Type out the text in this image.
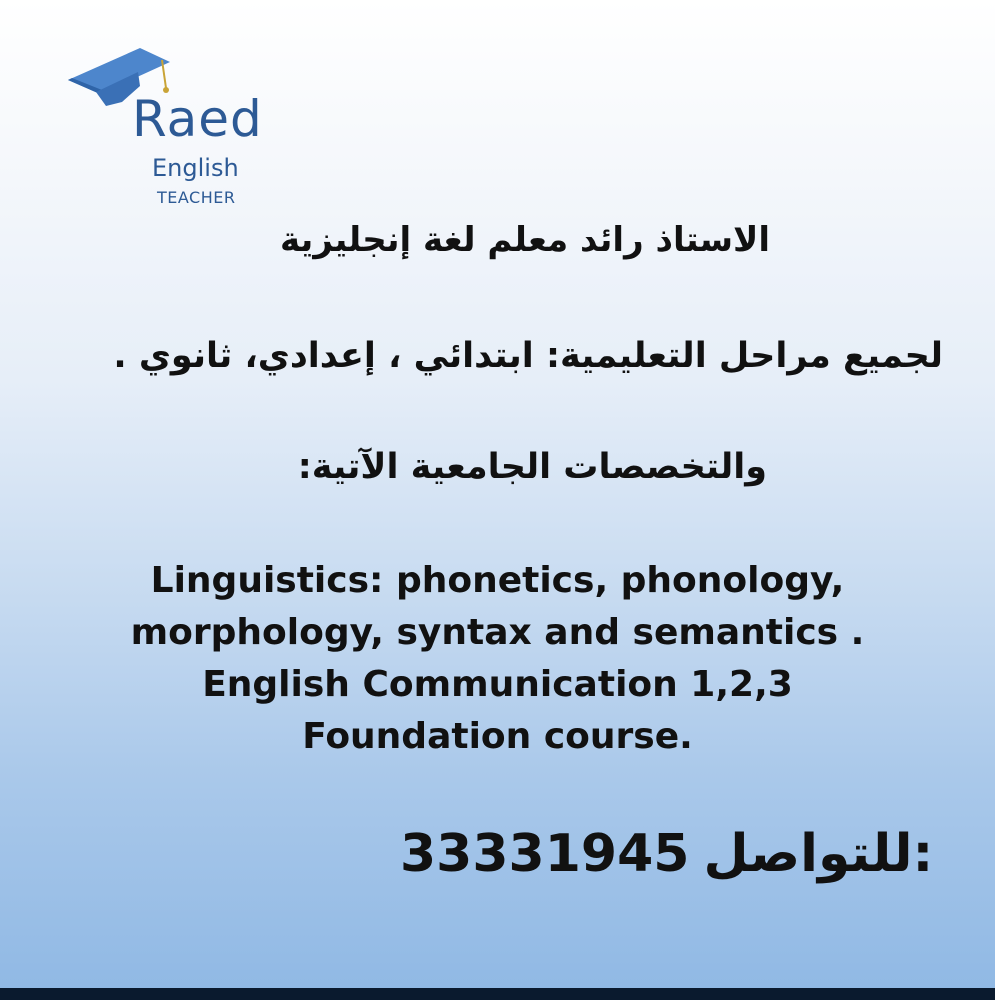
Raed
English
TEACHER
الاستاذ رائد معلم لغة إنجليزية
لجميع مراحل التعليمية: ابتدائي ، إعدادي، ثانوي .
والتخصصات الجامعية الآتية:
Linguistics: phonetics, phonology,
morphology, syntax and semantics .
English Communication 1,2,3
Foundation course.
33331945 :للتواصل
